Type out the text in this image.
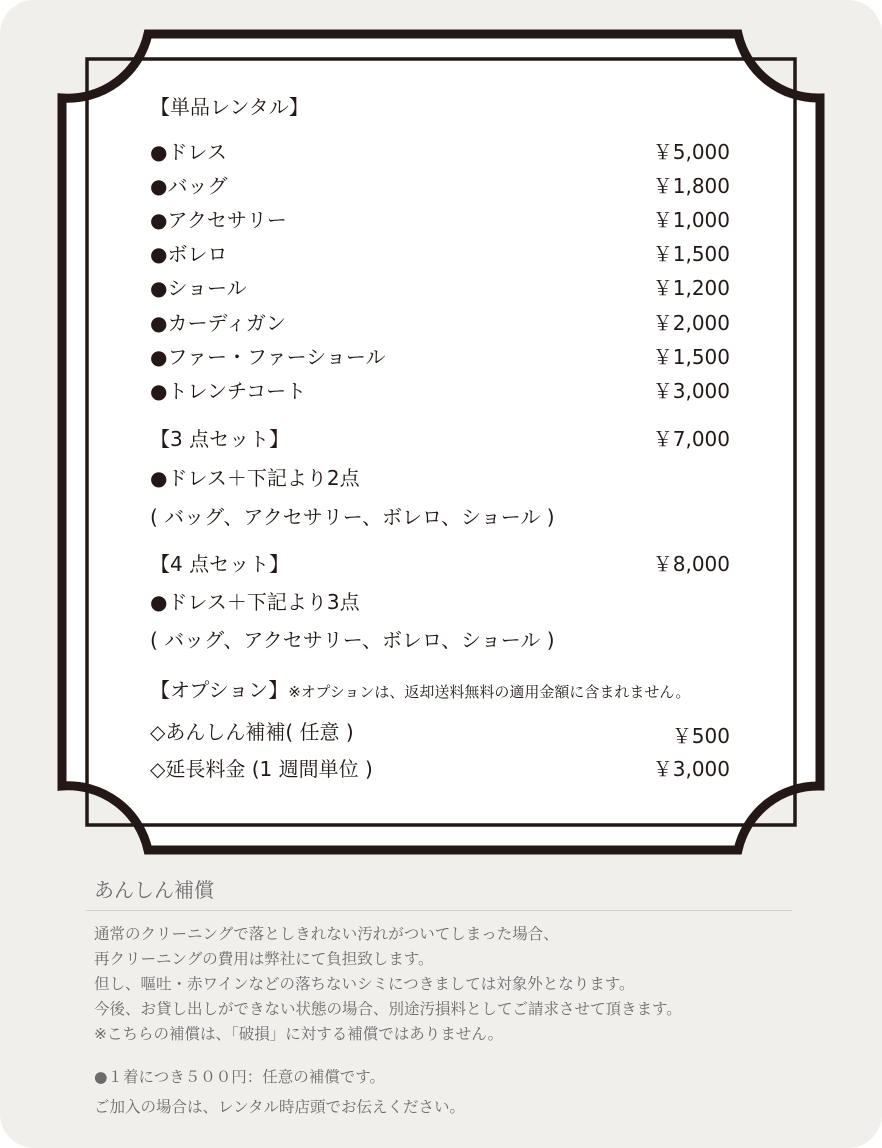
【単品レンタル】
●ドレス	￥5,000
●バッグ	￥1,800
●アクセサリー	￥1,000
●ボレロ	￥1,500
●ショール	￥1,200
●カーディガン	￥2,000
●ファー・ファーショール	￥1,500
●トレンチコート	￥3,000
【3 点セット】	￥7,000
●ドレス＋下記より2点
( バッグ、アクセサリー、ボレロ、ショール )
【4 点セット】	￥8,000
●ドレス＋下記より3点
( バッグ、アクセサリー、ボレロ、ショール )
【オプション】※オプションは、返却送料無料の適用金額に含まれません。
◇あんしん補補( 任意 )	￥500
◇延長料金 (1 週間単位 )	￥3,000
あんしん補償
通常のクリーニングで落としきれない汚れがついてしまった場合、
再クリーニングの費用は弊社にて負担致します。
但し、嘔吐・赤ワインなどの落ちないシミにつきましては対象外となります。
今後、お貸し出しができない状態の場合、別途汚損料としてご請求させて頂きます。
※こちらの補償は、「破損」に対する補償ではありません。
●１着につき５００円：任意の補償です。
ご加入の場合は、レンタル時店頭でお伝えください。
